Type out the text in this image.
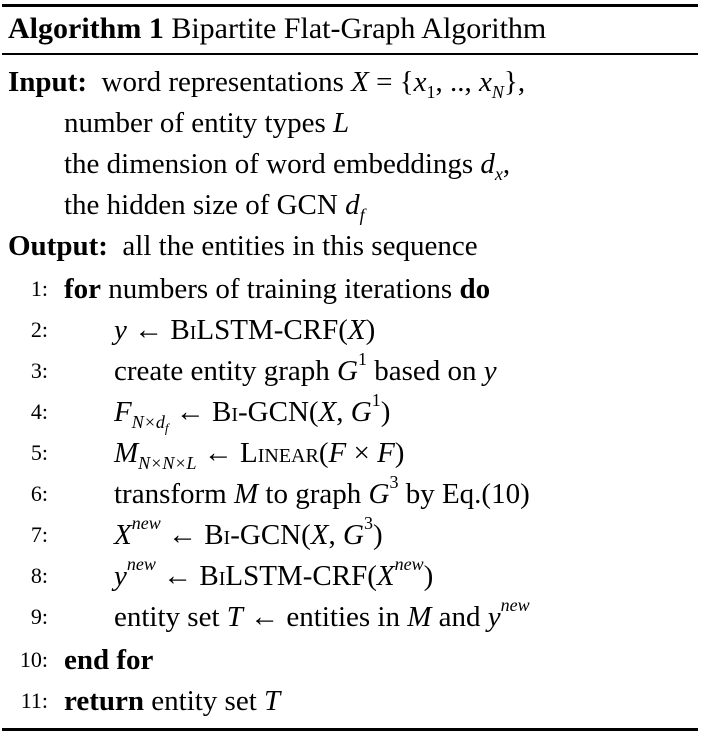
Algorithm 1 Bipartite Flat-Graph Algorithm
Input: word representations $X = \{x_1$, .., $x_N$},
number of entity types L
the dimension of word embeddings $d_x$,
the hidden size of GCN $d_f$
Output: all the entities in this sequence
1: for numbers of training iterations do
2: y ← BiLSTM-CRF(X)
3: create entity graph $G^1$ based on y
4: $F_{N\times d_f}$ ← Bi-GCN(X, $G^1$)
5: $M_{N\times N\times L}$ ← Linear(F × F)
6: transform M to graph $G^3$ by Eq.(10)
7: $X^{new}$ ← Bi-GCN(X, $G^3$)
8: $y^{new}$ ← BiLSTM-$CRF(X^{new})$
9: entity set T ← entities in M and $y^{new}$
10: end for
11: return entity set T
